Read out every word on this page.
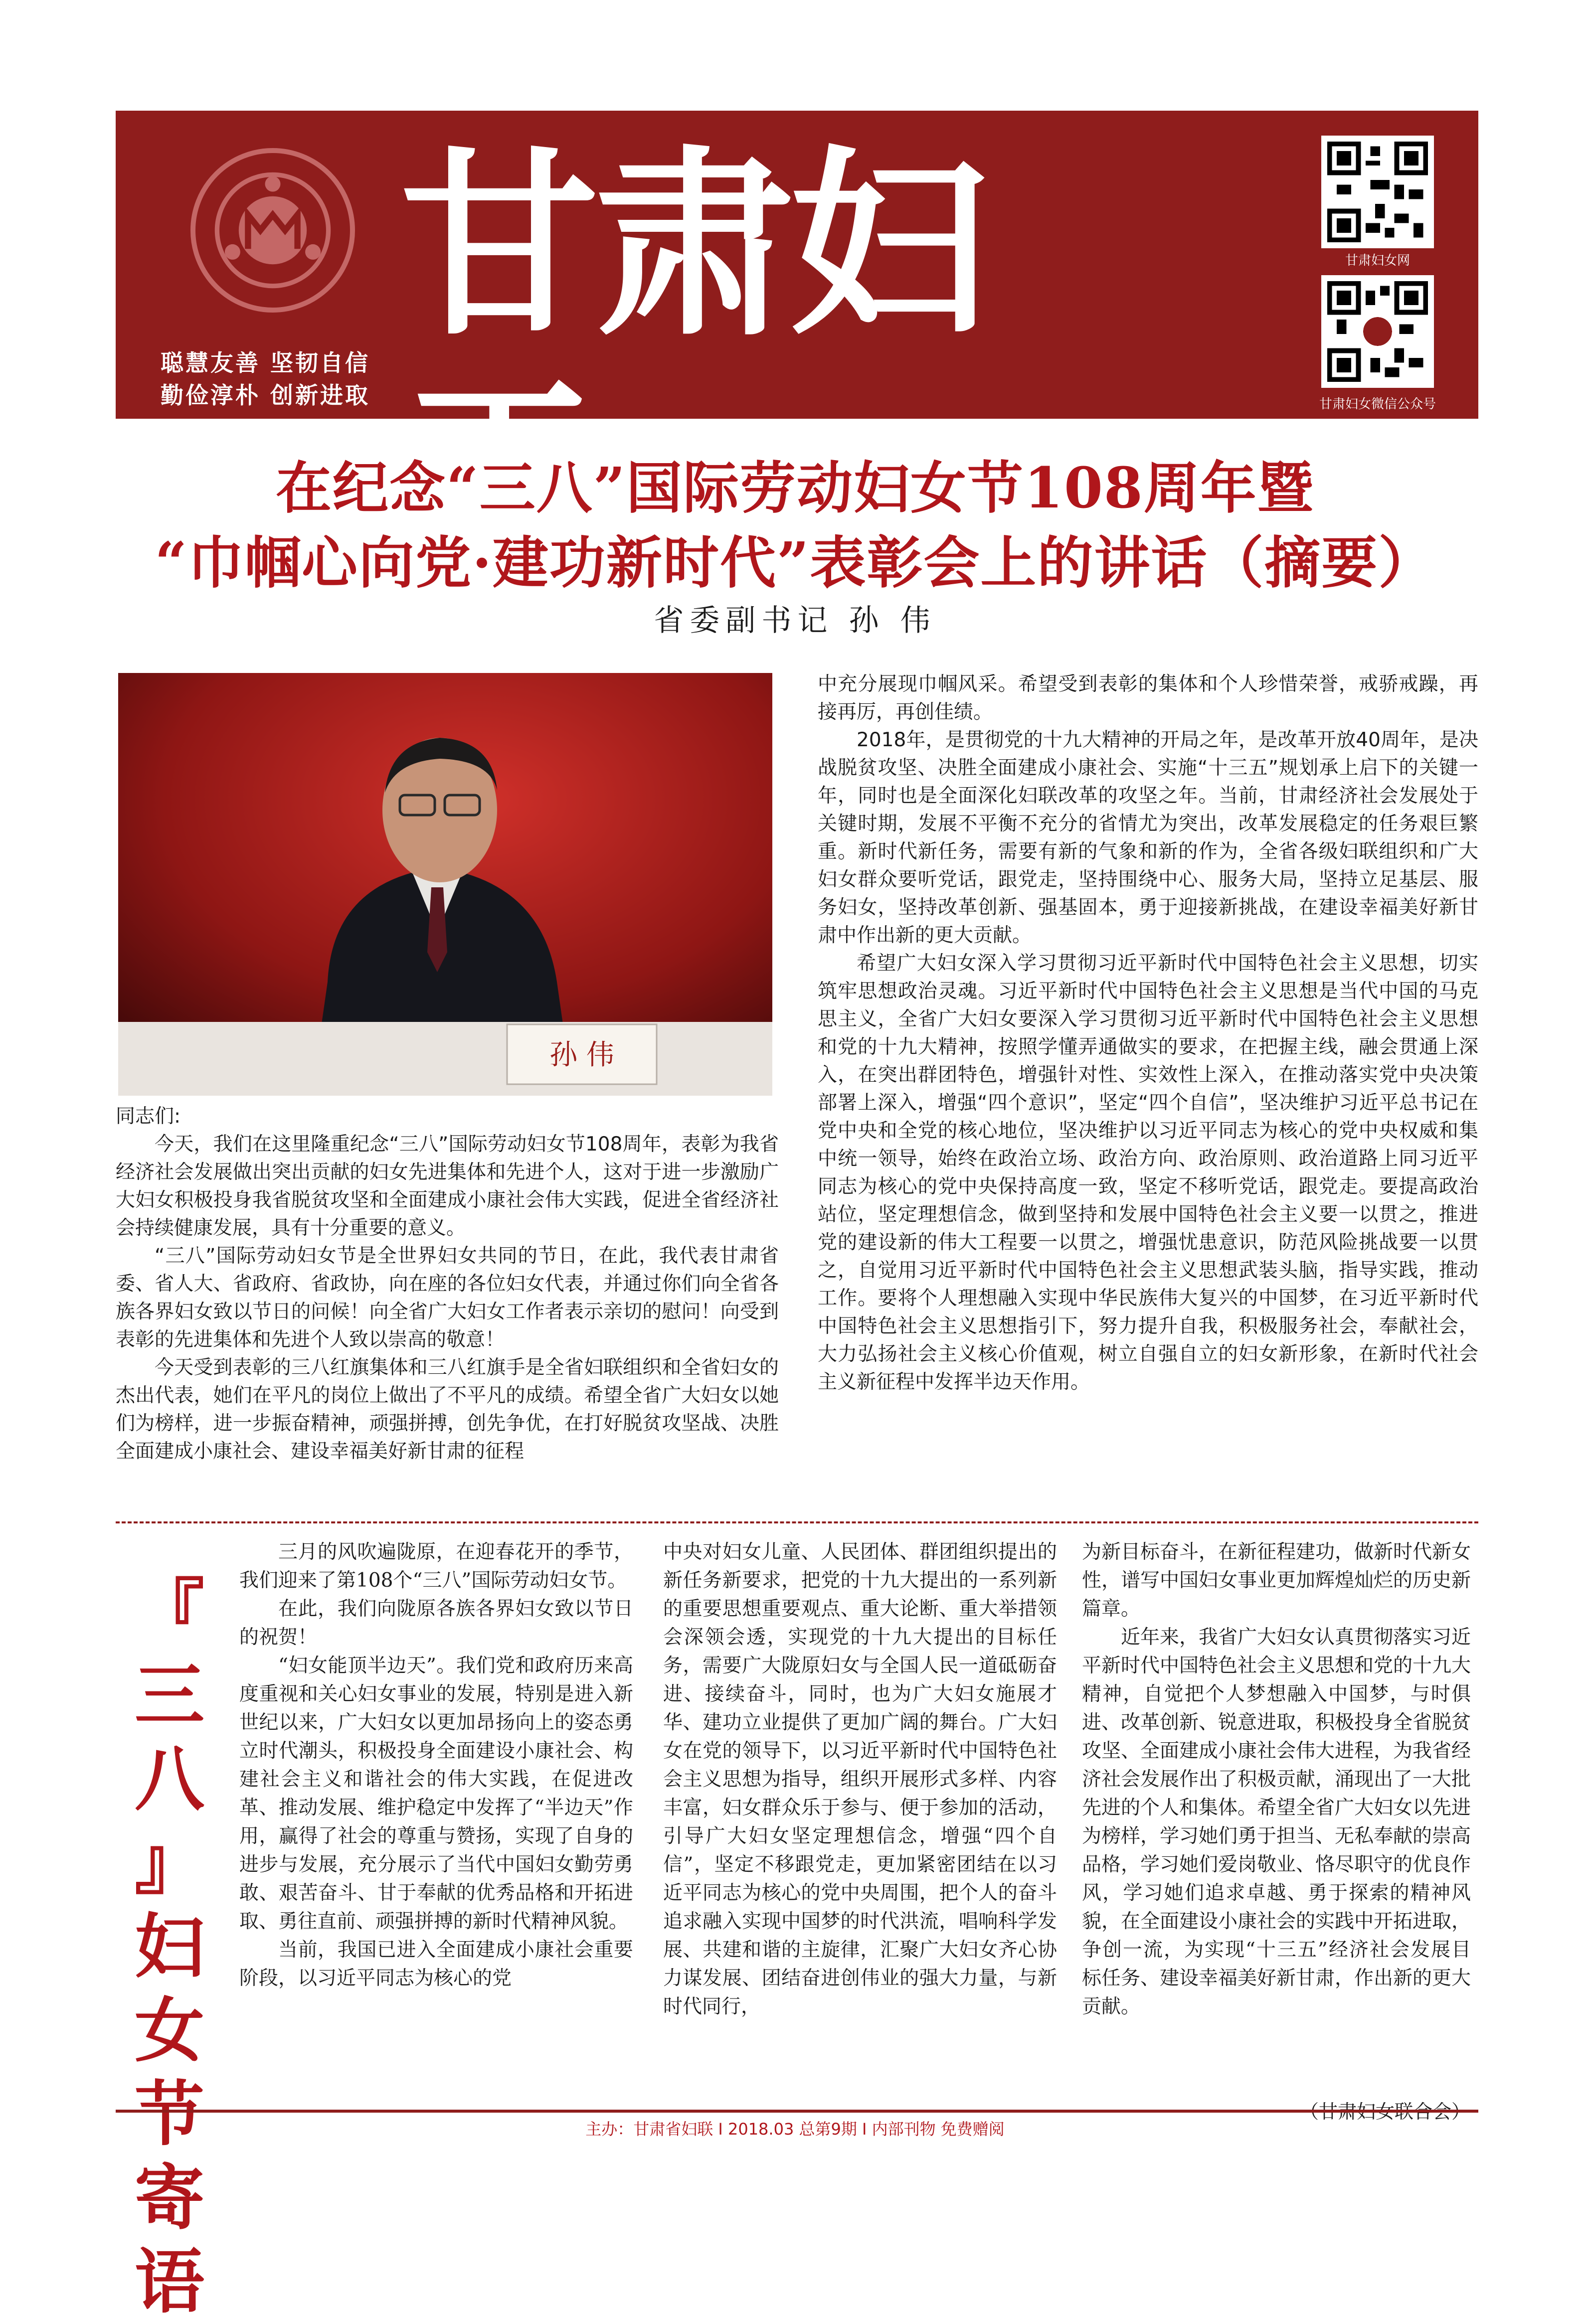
甘肃妇工
聪慧友善 坚韧自信
勤俭淳朴 创新进取
甘肃妇女网
甘肃妇女微信公众号
在纪念“三八”国际劳动妇女节108周年暨
“巾帼心向党·建功新时代”表彰会上的讲话（摘要）
省委副书记 孙 伟
孙 伟

同志们:

今天，我们在这里隆重纪念“三八”国际劳动妇女节108周年，表彰为我省经济社会发展做出突出贡献的妇女先进集体和先进个人，这对于进一步激励广大妇女积极投身我省脱贫攻坚和全面建成小康社会伟大实践，促进全省经济社会持续健康发展，具有十分重要的意义。

“三八”国际劳动妇女节是全世界妇女共同的节日，在此，我代表甘肃省委、省人大、省政府、省政协，向在座的各位妇女代表，并通过你们向全省各族各界妇女致以节日的问候！向全省广大妇女工作者表示亲切的慰问！向受到表彰的先进集体和先进个人致以崇高的敬意！

今天受到表彰的三八红旗集体和三八红旗手是全省妇联组织和全省妇女的杰出代表，她们在平凡的岗位上做出了不平凡的成绩。希望全省广大妇女以她们为榜样，进一步振奋精神，顽强拼搏，创先争优，在打好脱贫攻坚战、决胜全面建成小康社会、建设幸福美好新甘肃的征程

中充分展现巾帼风采。希望受到表彰的集体和个人珍惜荣誉，戒骄戒躁，再接再厉，再创佳绩。

2018年，是贯彻党的十九大精神的开局之年，是改革开放40周年，是决战脱贫攻坚、决胜全面建成小康社会、实施“十三五”规划承上启下的关键一年，同时也是全面深化妇联改革的攻坚之年。当前，甘肃经济社会发展处于关键时期，发展不平衡不充分的省情尤为突出，改革发展稳定的任务艰巨繁重。新时代新任务，需要有新的气象和新的作为，全省各级妇联组织和广大妇女群众要听党话，跟党走，坚持围绕中心、服务大局，坚持立足基层、服务妇女，坚持改革创新、强基固本，勇于迎接新挑战，在建设幸福美好新甘肃中作出新的更大贡献。

希望广大妇女深入学习贯彻习近平新时代中国特色社会主义思想，切实筑牢思想政治灵魂。习近平新时代中国特色社会主义思想是当代中国的马克思主义，全省广大妇女要深入学习贯彻习近平新时代中国特色社会主义思想和党的十九大精神，按照学懂弄通做实的要求，在把握主线，融会贯通上深入，在突出群团特色，增强针对性、实效性上深入，在推动落实党中央决策部署上深入，增强“四个意识”，坚定“四个自信”，坚决维护习近平总书记在党中央和全党的核心地位，坚决维护以习近平同志为核心的党中央权威和集中统一领导，始终在政治立场、政治方向、政治原则、政治道路上同习近平同志为核心的党中央保持高度一致，坚定不移听党话，跟党走。要提高政治站位，坚定理想信念，做到坚持和发展中国特色社会主义要一以贯之，推进党的建设新的伟大工程要一以贯之，增强忧患意识，防范风险挑战要一以贯之，自觉用习近平新时代中国特色社会主义思想武装头脑，指导实践，推动工作。要将个人理想融入实现中华民族伟大复兴的中国梦，在习近平新时代中国特色社会主义思想指引下，努力提升自我，积极服务社会，奉献社会，大力弘扬社会主义核心价值观，树立自强自立的妇女新形象，在新时代社会主义新征程中发挥半边天作用。

『
三
八
』
妇
女
节
寄
语

三月的风吹遍陇原，在迎春花开的季节，我们迎来了第108个“三八”国际劳动妇女节。

在此，我们向陇原各族各界妇女致以节日的祝贺！

“妇女能顶半边天”。我们党和政府历来高度重视和关心妇女事业的发展，特别是进入新世纪以来，广大妇女以更加昂扬向上的姿态勇立时代潮头，积极投身全面建设小康社会、构建社会主义和谐社会的伟大实践，在促进改革、推动发展、维护稳定中发挥了“半边天”作用，赢得了社会的尊重与赞扬，实现了自身的进步与发展，充分展示了当代中国妇女勤劳勇敢、艰苦奋斗、甘于奉献的优秀品格和开拓进取、勇往直前、顽强拼搏的新时代精神风貌。

当前，我国已进入全面建成小康社会重要阶段，以习近平同志为核心的党

中央对妇女儿童、人民团体、群团组织提出的新任务新要求，把党的十九大提出的一系列新的重要思想重要观点、重大论断、重大举措领会深领会透，实现党的十九大提出的目标任务，需要广大陇原妇女与全国人民一道砥砺奋进、接续奋斗，同时，也为广大妇女施展才华、建功立业提供了更加广阔的舞台。广大妇女在党的领导下，以习近平新时代中国特色社会主义思想为指导，组织开展形式多样、内容丰富，妇女群众乐于参与、便于参加的活动，引导广大妇女坚定理想信念，增强“四个自信”，坚定不移跟党走，更加紧密团结在以习近平同志为核心的党中央周围，把个人的奋斗追求融入实现中国梦的时代洪流，唱响科学发展、共建和谐的主旋律，汇聚广大妇女齐心协力谋发展、团结奋进创伟业的强大力量，与新时代同行，

为新目标奋斗，在新征程建功，做新时代新女性，谱写中国妇女事业更加辉煌灿烂的历史新篇章。

近年来，我省广大妇女认真贯彻落实习近平新时代中国特色社会主义思想和党的十九大精神，自觉把个人梦想融入中国梦，与时俱进、改革创新、锐意进取，积极投身全省脱贫攻坚、全面建成小康社会伟大进程，为我省经济社会发展作出了积极贡献，涌现出了一大批先进的个人和集体。希望全省广大妇女以先进为榜样，学习她们勇于担当、无私奉献的崇高品格，学习她们爱岗敬业、恪尽职守的优良作风，学习她们追求卓越、勇于探索的精神风貌，在全面建设小康社会的实践中开拓进取，争创一流，为实现“十三五”经济社会发展目标任务、建设幸福美好新甘肃，作出新的更大贡献。

（甘肃妇女联合会）
主办：甘肃省妇联 I 2018.03 总第9期 I 内部刊物 免费赠阅
